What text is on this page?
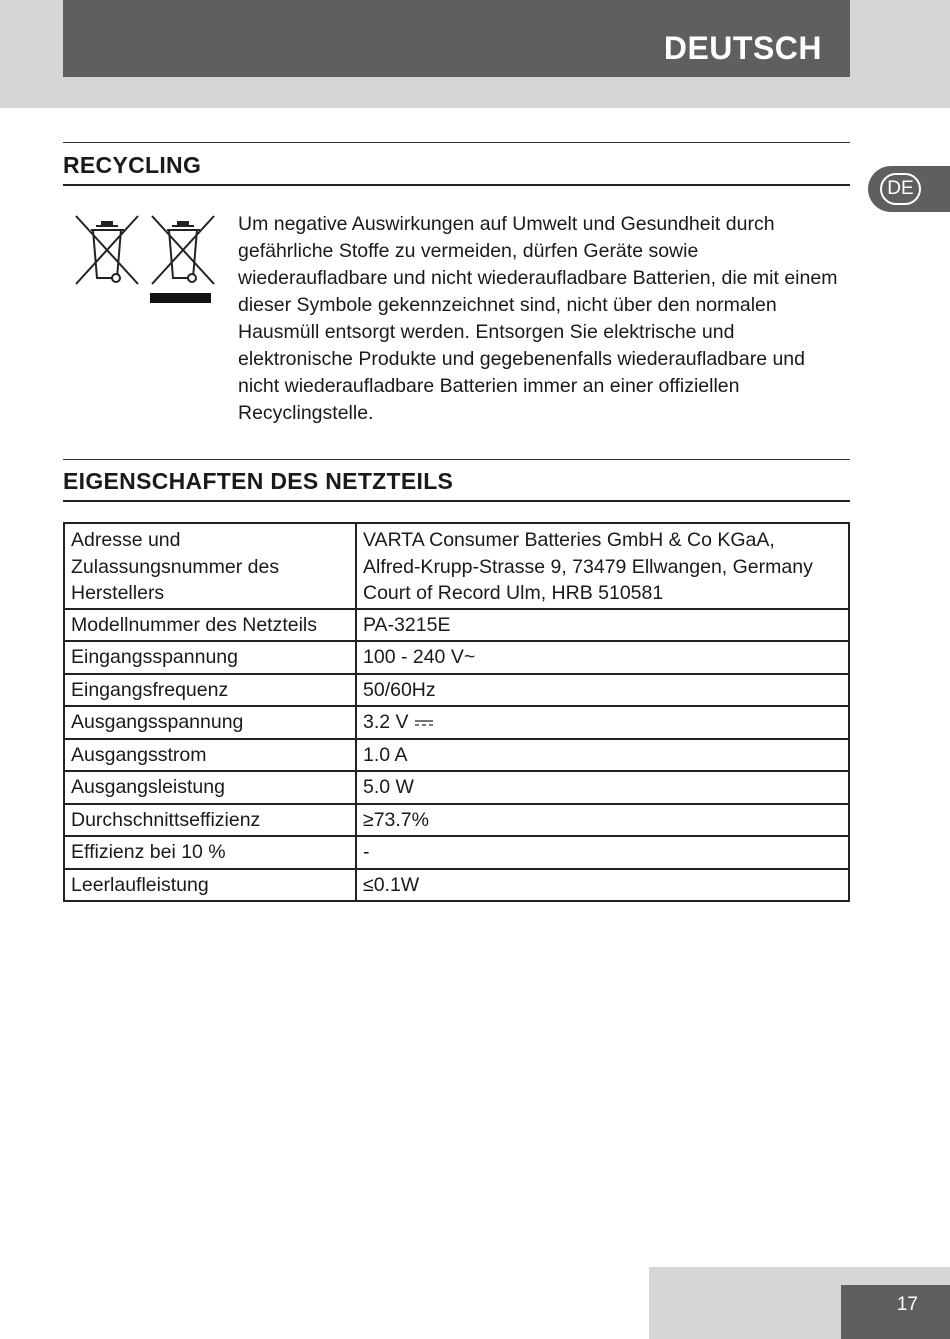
DEUTSCH
DE
RECYCLING

Um negative Auswirkungen auf Umwelt und Gesundheit durch gefährliche Stoffe zu vermeiden, dürfen Geräte sowie wiederaufladbare und nicht wiederaufladbare Batterien, die mit einem dieser Symbole gekennzeichnet sind, nicht über den normalen Hausmüll entsorgt werden. Entsorgen Sie elektrische und elektronische Produkte und gegebenenfalls wiederaufladbare und nicht wiederaufladbare Batterien immer an einer offiziellen Recyclingstelle.

EIGENSCHAFTEN DES NETZTEILS
Adresse und Zulassungsnummer des Herstellers	VARTA Consumer Batteries GmbH & Co KGaA,
Alfred-Krupp-Strasse 9, 73479 Ellwangen, Germany
Court of Record Ulm, HRB 510581

Modellnummer des Netzteils	PA-3215E
Eingangsspannung	100 - 240 V~
Eingangsfrequenz	50/60Hz
Ausgangsspannung	3.2 V
Ausgangsstrom	1.0 A
Ausgangsleistung	5.0 W
Durchschnittseffizienz	≥73.7%
Effizienz bei 10 %	-
Leerlaufleistung	≤0.1W
17
